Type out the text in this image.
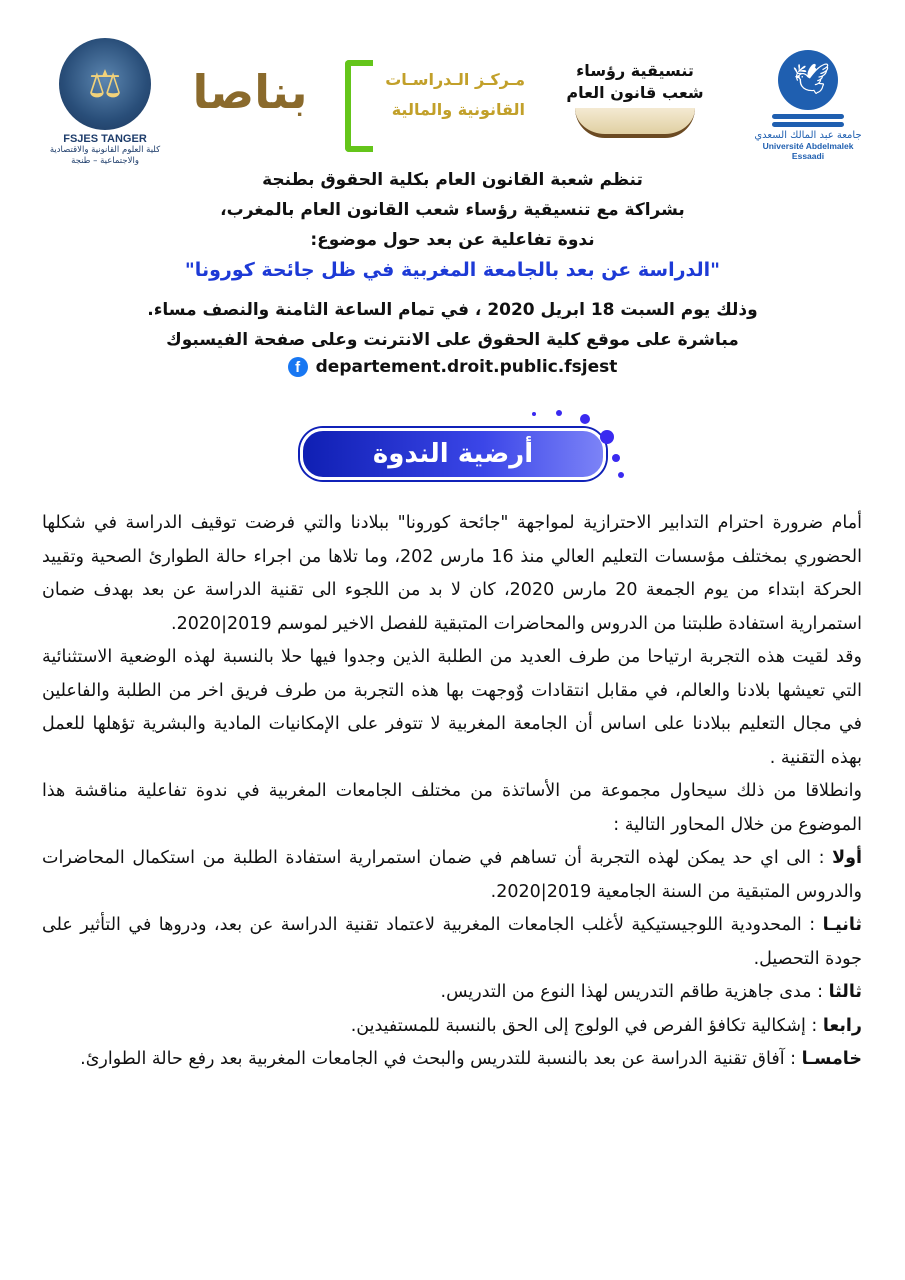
⚖
FSJES TANGER
كلية العلوم القانونية والاقتصادية والاجتماعية – طنجة
بناصا	مـركـز الـدراسـات
القانونية والمالية
تنسيقية رؤساء
شعب قانون العام	🕊
جامعة عبد المالك السعدي
Université Abdelmalek Essaadi

تنظم شعبة القانون العام بكلية الحقوق بطنجة

بشراكة مع تنسيقية رؤساء شعب القانون العام بالمغرب،

ندوة تفاعلية عن بعد حول موضوع:

"الدراسة عن بعد بالجامعة المغربية في ظل جائحة كورونا"

وذلك يوم السبت 18 ابريل 2020 ، في تمام الساعة الثامنة والنصف مساء.

مباشرة على موقع كلية الحقوق على الانترنت وعلى صفحة الفيسبوك

f departement.droit.public.fsjest
أرضية الندوة

أمام ضرورة احترام التدابير الاحترازية لمواجهة "جائحة كورونا" ببلادنا والتي فرضت توقيف الدراسة في شكلها الحضوري بمختلف مؤسسات التعليم العالي منذ 16 مارس 202، وما تلاها من اجراء حالة الطوارئ الصحية وتقييد الحركة ابتداء من يوم الجمعة 20 مارس 2020، كان لا بد من اللجوء الى تقنية الدراسة عن بعد بهدف ضمان استمرارية استفادة طلبتنا من الدروس والمحاضرات المتبقية للفصل الاخير لموسم 2019|2020.

وقد لقيت هذه التجربة ارتياحا من طرف العديد من الطلبة الذين وجدوا فيها حلا بالنسبة لهذه الوضعية الاستثنائية التي تعيشها بلادنا والعالم، في مقابل انتقادات وٌوجهت بها هذه التجربة من طرف فريق اخر من الطلبة والفاعلين في مجال التعليم ببلادنا على اساس أن الجامعة المغربية لا تتوفر على الإمكانيات المادية والبشرية تؤهلها للعمل بهذه التقنية .

وانطلاقا من ذلك سيحاول مجموعة من الأساتذة من مختلف الجامعات المغربية في ندوة تفاعلية مناقشة هذا الموضوع من خلال المحاور التالية :

أولا : الى اي حد يمكن لهذه التجربة أن تساهم في ضمان استمرارية استفادة الطلبة من استكمال المحاضرات والدروس المتبقية من السنة الجامعية 2019|2020.

ثانيـا : المحدودية اللوجيستيكية لأغلب الجامعات المغربية لاعتماد تقنية الدراسة عن بعد، ودروها في التأثير على جودة التحصيل.

ثالثا : مدى جاهزية طاقم التدريس لهذا النوع من التدريس.

رابعا : إشكالية تكافؤ الفرص في الولوج إلى الحق بالنسبة للمستفيدين.

خامسـا : آفاق تقنية الدراسة عن بعد بالنسبة للتدريس والبحث في الجامعات المغربية بعد رفع حالة الطوارئ.
